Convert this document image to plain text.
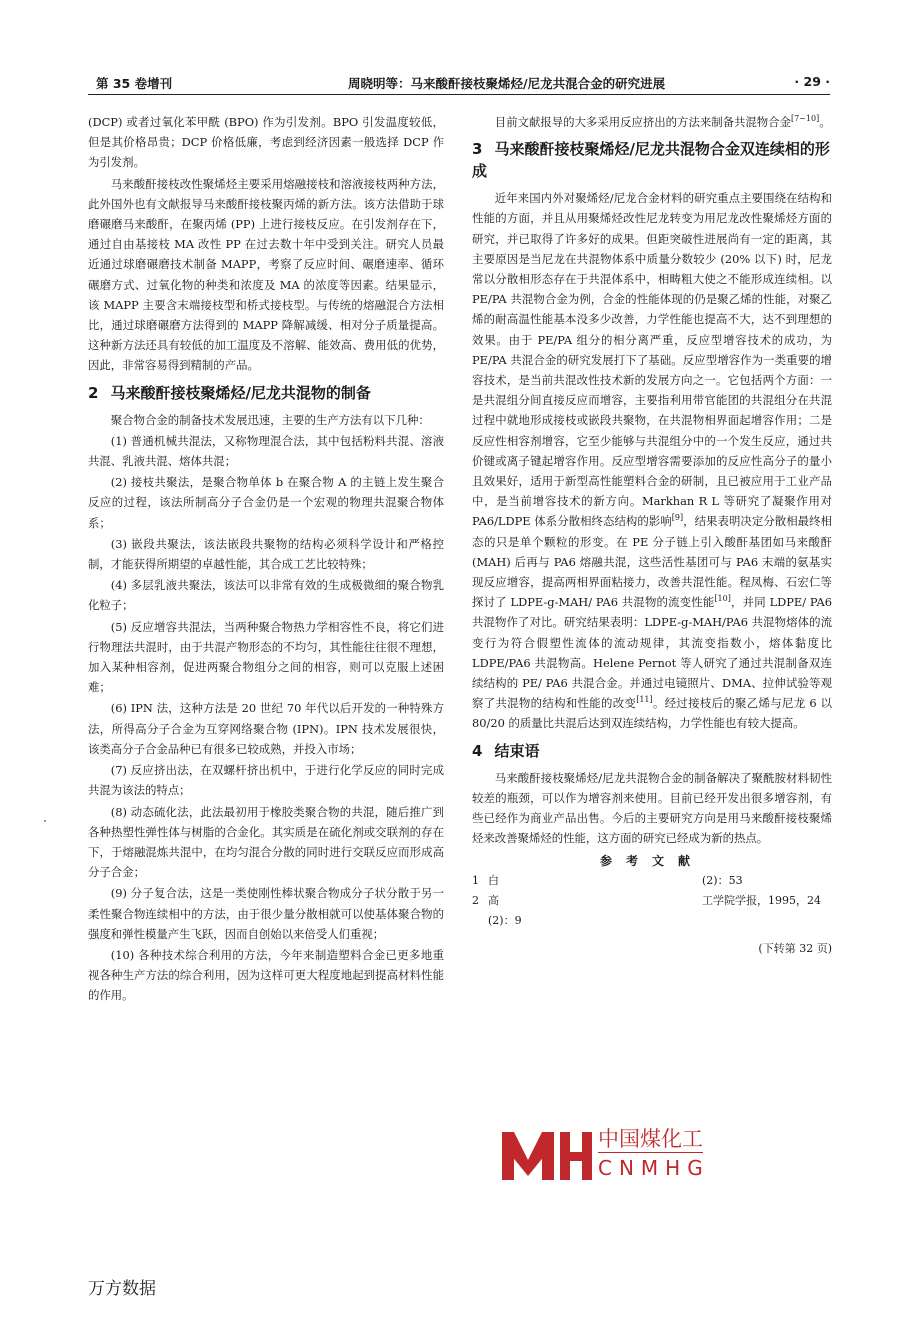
第 35 卷增刊	周晓明等：马来酸酐接枝聚烯烃/尼龙共混合金的研究进展	· 29 ·

(DCP) 或者过氧化苯甲酰 (BPO) 作为引发剂。BPO 引发温度较低，但是其价格昂贵；DCP 价格低廉，考虑到经济因素一般选择 DCP 作为引发剂。

马来酸酐接枝改性聚烯烃主要采用熔融接枝和溶液接枝两种方法，此外国外也有文献报导马来酸酐接枝聚丙烯的新方法。该方法借助于球磨碾磨马来酸酐，在聚丙烯 (PP) 上进行接枝反应。在引发剂存在下，通过自由基接枝 MA 改性 PP 在过去数十年中受到关注。研究人员最近通过球磨碾磨技术制备 MAPP，考察了反应时间、碾磨速率、循环碾磨方式、过氧化物的种类和浓度及 MA 的浓度等因素。结果显示，该 MAPP 主要含末端接枝型和桥式接枝型。与传统的熔融混合方法相比，通过球磨碾磨方法得到的 MAPP 降解减缓、相对分子质量提高。这种新方法还具有较低的加工温度及不溶解、能效高、费用低的优势，因此，非常容易得到精制的产品。

2 马来酸酐接枝聚烯烃/尼龙共混物的制备

聚合物合金的制备技术发展迅速，主要的生产方法有以下几种：

(1) 普通机械共混法，又称物理混合法，其中包括粉料共混、溶液共混、乳液共混、熔体共混；

(2) 接枝共聚法，是聚合物单体 b 在聚合物 A 的主链上发生聚合反应的过程，该法所制高分子合金仍是一个宏观的物理共混聚合物体系；

(3) 嵌段共聚法，该法嵌段共聚物的结构必须科学设计和严格控制，才能获得所期望的卓越性能，其合成工艺比较特殊；

(4) 多层乳液共聚法，该法可以非常有效的生成极微细的聚合物乳化粒子；

(5) 反应增容共混法，当两种聚合物热力学相容性不良，将它们进行物理法共混时，由于共混产物形态的不均匀，其性能往往很不理想，加入某种相容剂，促进两聚合物组分之间的相容，则可以克服上述困难；

(6) IPN 法，这种方法是 20 世纪 70 年代以后开发的一种特殊方法，所得高分子合金为互穿网络聚合物 (IPN)。IPN 技术发展很快，该类高分子合金品种已有很多已较成熟，并投入市场；

(7) 反应挤出法，在双螺杆挤出机中，于进行化学反应的同时完成共混为该法的特点；

(8) 动态硫化法，此法最初用于橡胶类聚合物的共混，随后推广到各种热塑性弹性体与树脂的合金化。其实质是在硫化剂或交联剂的存在下，于熔融混炼共混中，在均匀混合分散的同时进行交联反应而形成高分子合金；

(9) 分子复合法，这是一类使刚性棒状聚合物成分子状分散于另一柔性聚合物连续相中的方法，由于很少量分散相就可以使基体聚合物的强度和弹性模量产生飞跃，因而自创始以来倍受人们重视；

(10) 各种技术综合利用的方法，今年来制造塑料合金已更多地重视各种生产方法的综合利用，因为这样可更大程度地起到提高材料性能的作用。

目前文献报导的大多采用反应挤出的方法来制备共混物合金[7~10]。

3 马来酸酐接枝聚烯烃/尼龙共混物合金双连续相的形成

近年来国内外对聚烯烃/尼龙合金材料的研究重点主要围绕在结构和性能的方面，并且从用聚烯烃改性尼龙转变为用尼龙改性聚烯烃方面的研究，并已取得了许多好的成果。但距突破性进展尚有一定的距离，其主要原因是当尼龙在共混物体系中质量分数较少 (20% 以下) 时，尼龙常以分散相形态存在于共混体系中，相畴粗大使之不能形成连续相。以 PE/PA 共混物合金为例，合金的性能体现的仍是聚乙烯的性能，对聚乙烯的耐高温性能基本没多少改善，力学性能也提高不大，达不到理想的效果。由于 PE/PA 组分的相分离严重，反应型增容技术的成功，为 PE/PA 共混合金的研究发展打下了基础。反应型增容作为一类重要的增容技术，是当前共混改性技术新的发展方向之一。它包括两个方面：一是共混组分间直接反应而增容，主要指利用带官能团的共混组分在共混过程中就地形成接枝或嵌段共聚物，在共混物相界面起增容作用；二是反应性相容剂增容，它至少能够与共混组分中的一个发生反应，通过共价键或离子键起增容作用。反应型增容需要添加的反应性高分子的量小且效果好，适用于新型高性能塑料合金的研制，且已被应用于工业产品中，是当前增容技术的新方向。Markhan R L 等研究了凝聚作用对 PA6/LDPE 体系分散相终态结构的影响[9]，结果表明决定分散相最终相态的只是单个颗粒的形变。在 PE 分子链上引入酸酐基团如马来酸酐 (MAH) 后再与 PA6 熔融共混，这些活性基团可与 PA6 末端的氨基实现反应增容，提高两相界面粘接力，改善共混性能。程凤梅、石宏仁等探讨了 LDPE-g-MAH/ PA6 共混物的流变性能[10]，并同 LDPE/ PA6 共混物作了对比。研究结果表明：LDPE-g-MAH/PA6 共混物熔体的流变行为符合假塑性流体的流动规律，其流变指数小，熔体黏度比 LDPE/PA6 共混物高。Helene Pernot 等人研究了通过共混制备双连续结构的 PE/ PA6 共混合金。并通过电镜照片、DMA、拉伸试验等观察了共混物的结构和性能的改变[11]。经过接枝后的聚乙烯与尼龙 6 以 80/20 的质量比共混后达到双连续结构，力学性能也有较大提高。

4 结束语

马来酸酐接枝聚烯烃/尼龙共混物合金的制备解决了聚酰胺材料韧性较差的瓶颈，可以作为增容剂来使用。目前已经开发出很多增容剂，有些已经作为商业产品出售。今后的主要研究方向是用马来酸酐接枝聚烯烃来改善聚烯烃的性能，这方面的研究已经成为新的热点。

参考文献
1 白	(2)：53
2 高	工学院学报，1995，24
(2)：9
(下转第 32 页)
中国煤化工
CNMHG
万方数据
